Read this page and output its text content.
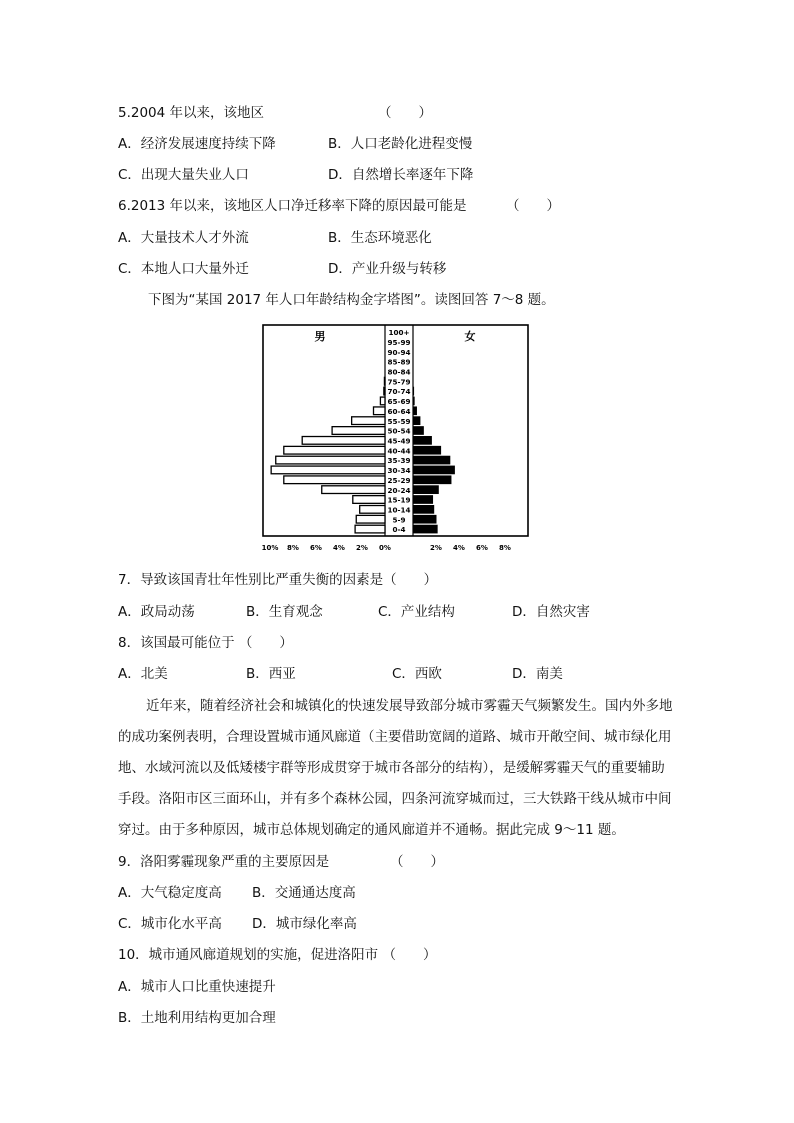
5.2004 年以来，该地区	（　　）
A．经济发展速度持续下降	B．人口老龄化进程变慢
C．出现大量失业人口	D．自然增长率逐年下降
6.2013 年以来，该地区人口净迁移率下降的原因最可能是	（　　）
A．大量技术人才外流	B．生态环境恶化
C．本地人口大量外迁	D．产业升级与转移
下图为“某国 2017 年人口年龄结构金字塔图”。读图回答 7～8 题。
0-4
5-9
10-14
15-19
20-24
25-29
30-34
35-39
40-44
45-49
50-54
55-59
60-64
65-69
70-74
75-79
80-84
85-89
90-94
95-99
100+
10% 8% 6% 4% 2% 0%	2% 4% 6% 8%
男	女
7．导致该国青壮年性别比严重失衡的因素是（　　）
A．政局动荡	B．生育观念	C．产业结构	D．自然灾害
8．该国最可能位于 （　　）
A．北美	B．西亚	C．西欧	D．南美

近年来，随着经济社会和城镇化的快速发展导致部分城市雾霾天气频繁发生。国内外多地的成功案例表明，合理设置城市通风廊道（主要借助宽阔的道路、城市开敞空间、城市绿化用地、水域河流以及低矮楼宇群等形成贯穿于城市各部分的结构），是缓解雾霾天气的重要辅助手段。洛阳市区三面环山，并有多个森林公园，四条河流穿城而过，三大铁路干线从城市中间穿过。由于多种原因，城市总体规划确定的通风廊道并不通畅。据此完成 9～11 题。

9．洛阳雾霾现象严重的主要原因是	（　　）
A．大气稳定度高 B．交通通达度高
C．城市化水平高 D．城市绿化率高
10．城市通风廊道规划的实施，促进洛阳市 （　　）
A．城市人口比重快速提升
B．土地利用结构更加合理
